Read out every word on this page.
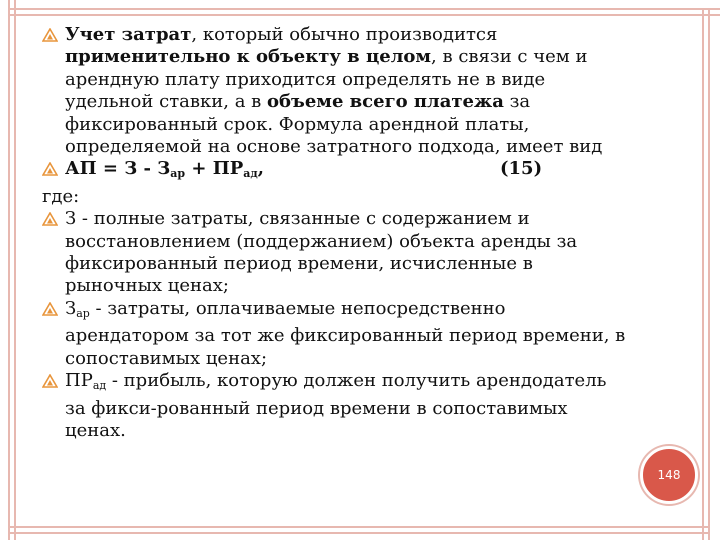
Учет затрат, который обычно производится применительно к объекту в целом, в связи с чем и арендную плату приходится определять не в виде удельной ставки, а в объеме всего платежа за фиксированный срок. Формула арендной платы, определяемой на основе затратного подхода, имеет вид
АП = $З - З_{ар} + ПР_{ад}$,	(15)
где:
З - полные затраты, связанные с содержанием и восстановлением (поддержанием) объекта аренды за фиксированный период времени, исчисленные в рыночных ценах;
Зар - затраты, оплачиваемые непосредственно арендатором за тот же фиксированный период времени, в сопоставимых ценах;
ПРад - прибыль, которую должен получить арендодатель за фикси-рованный период времени в сопоставимых ценах.
148
